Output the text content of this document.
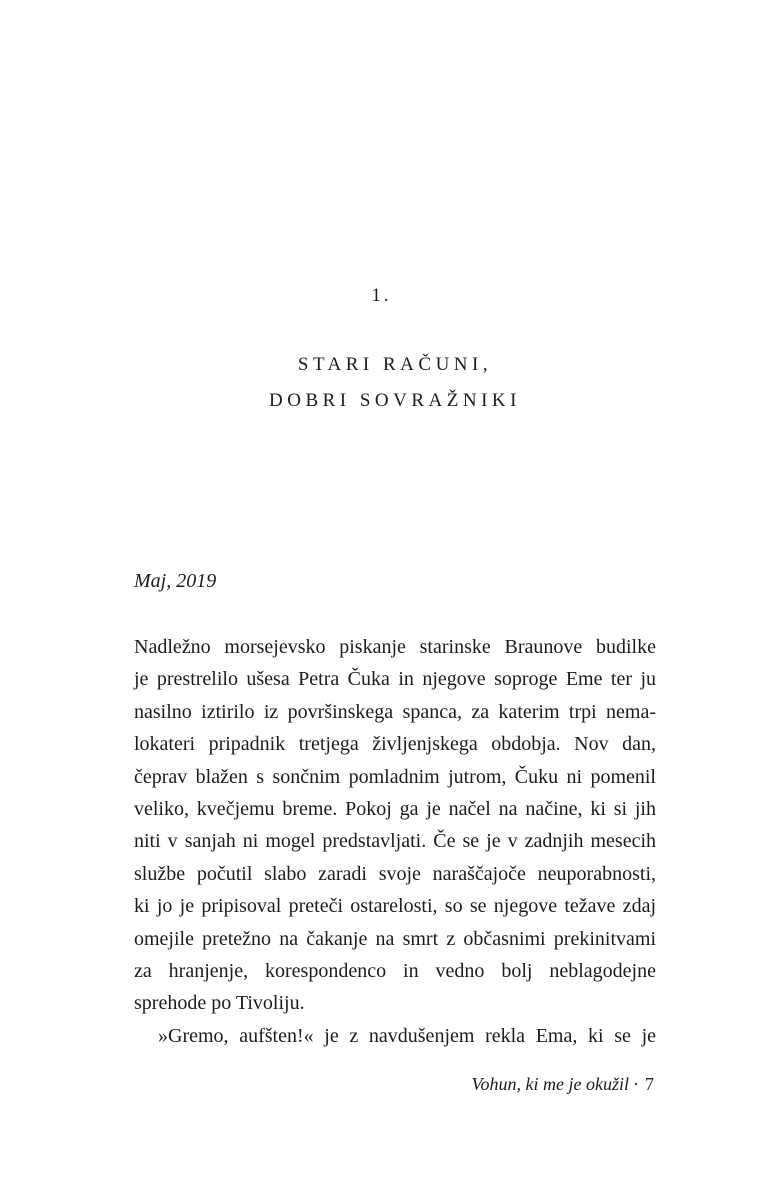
1.
STARI RAČUNI,
DOBRI SOVRAŽNIKI
Maj, 2019
Nadležno morsejevsko piskanje starinske Braunove budilke
je prestrelilo ušesa Petra Čuka in njegove soproge Eme ter ju
nasilno iztirilo iz površinskega spanca, za katerim trpi nema-
lokateri pripadnik tretjega življenjskega obdobja. Nov dan,
čeprav blažen s sončnim pomladnim jutrom, Čuku ni pomenil
veliko, kvečjemu breme. Pokoj ga je načel na načine, ki si jih
niti v sanjah ni mogel predstavljati. Če se je v zadnjih mesecih
službe počutil slabo zaradi svoje naraščajoče neuporabnosti,
ki jo je pripisoval preteči ostarelosti, so se njegove težave zdaj
omejile pretežno na čakanje na smrt z občasnimi prekinitvami
za hranjenje, korespondenco in vedno bolj neblagodejne
sprehode po Tivoliju.
»Gremo, aufšten!« je z navdušenjem rekla Ema, ki se je
Vohun, ki me je okužil · 7
